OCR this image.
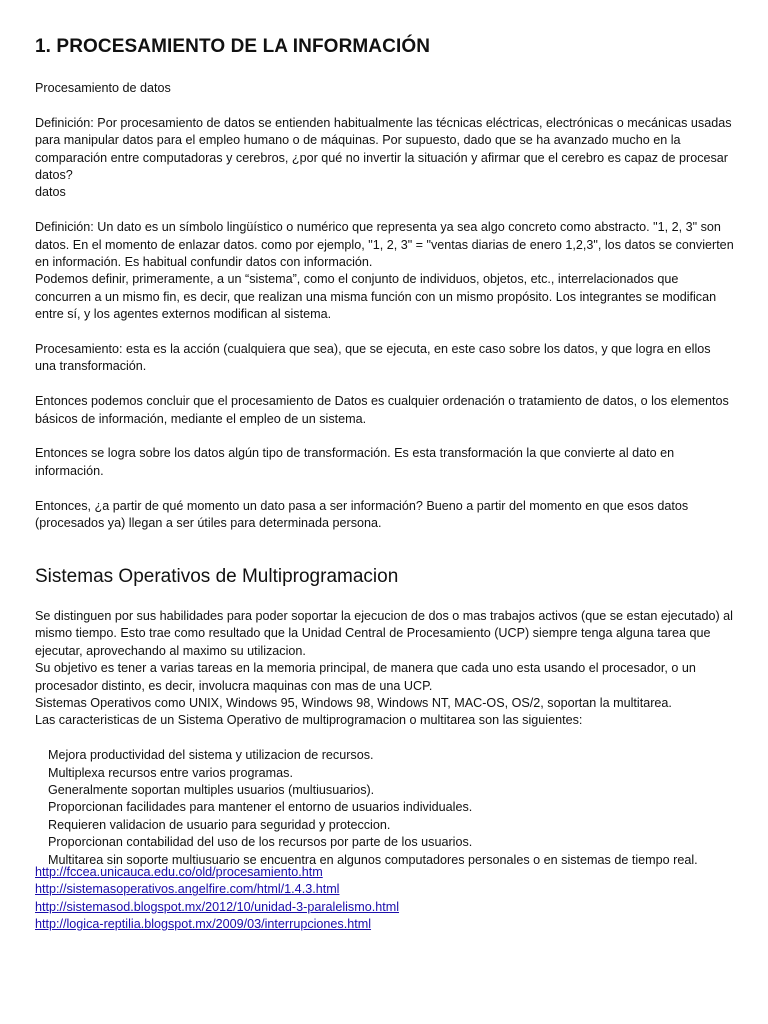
1. PROCESAMIENTO DE LA INFORMACIÓN

Procesamiento de datos

Definición: Por procesamiento de datos se entienden habitualmente las técnicas eléctricas, electrónicas o mecánicas usadas para manipular datos para el empleo humano o de máquinas. Por supuesto, dado que se ha avanzado mucho en la comparación entre computadoras y cerebros, ¿por qué no invertir la situación y afirmar que el cerebro es capaz de procesar datos?

datos

Definición: Un dato es un símbolo lingüístico o numérico que representa ya sea algo concreto como abstracto. "1, 2, 3" son datos. En el momento de enlazar datos. como por ejemplo, "1, 2, 3" = "ventas diarias de enero 1,2,3", los datos se convierten en información. Es habitual confundir datos con información.

Podemos definir, primeramente, a un “sistema”, como el conjunto de individuos, objetos, etc., interrelacionados que concurren a un mismo fin, es decir, que realizan una misma función con un mismo propósito. Los integrantes se modifican entre sí, y los agentes externos modifican al sistema.

Procesamiento: esta es la acción (cualquiera que sea), que se ejecuta, en este caso sobre los datos, y que logra en ellos una transformación.

Entonces podemos concluir que el procesamiento de Datos es cualquier ordenación o tratamiento de datos, o los elementos básicos de información, mediante el empleo de un sistema.

Entonces se logra sobre los datos algún tipo de transformación. Es esta transformación la que convierte al dato en información.

Entonces, ¿a partir de qué momento un dato pasa a ser información? Bueno a partir del momento en que esos datos (procesados ya) llegan a ser útiles para determinada persona.

Sistemas Operativos de Multiprogramacion

Se distinguen por sus habilidades para poder soportar la ejecucion de dos o mas trabajos activos (que se estan ejecutado) al mismo tiempo. Esto trae como resultado que la Unidad Central de Procesamiento (UCP) siempre tenga alguna tarea que ejecutar, aprovechando al maximo su utilizacion.

Su objetivo es tener a varias tareas en la memoria principal, de manera que cada uno esta usando el procesador, o un procesador distinto, es decir, involucra maquinas con mas de una UCP.

Sistemas Operativos como UNIX, Windows 95, Windows 98, Windows NT, MAC-OS, OS/2, soportan la multitarea.

Las caracteristicas de un Sistema Operativo de multiprogramacion o multitarea son las siguientes:

Mejora productividad del sistema y utilizacion de recursos.
Multiplexa recursos entre varios programas.
Generalmente soportan multiples usuarios (multiusuarios).
Proporcionan facilidades para mantener el entorno de usuarios individuales.
Requieren validacion de usuario para seguridad y proteccion.
Proporcionan contabilidad del uso de los recursos por parte de los usuarios.
Multitarea sin soporte multiusuario se encuentra en algunos computadores personales o en sistemas de tiempo real.
http://fccea.unicauca.edu.co/old/procesamiento.htm
http://sistemasoperativos.angelfire.com/html/1.4.3.html
http://sistemasod.blogspot.mx/2012/10/unidad-3-paralelismo.html
http://logica-reptilia.blogspot.mx/2009/03/interrupciones.html
